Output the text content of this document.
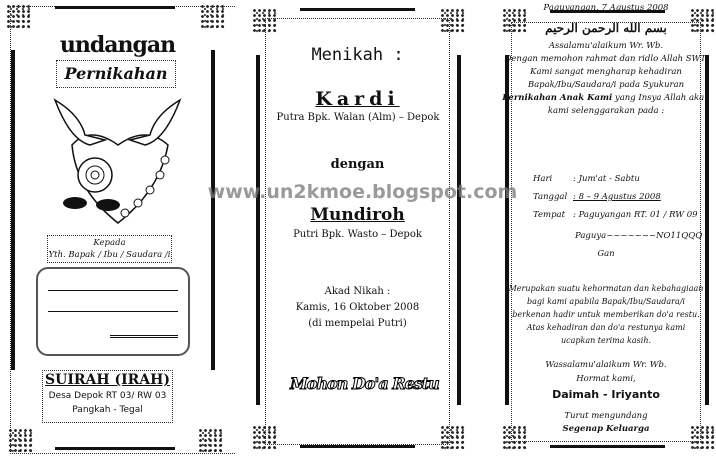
undangan
Pernikahan
Kepada
Yth. Bapak / Ibu / Saudara /i
SUIRAH (IRAH)
Desa Depok RT 03/ RW 03
Pangkah - Tegal
Menikah :
Kardi
Putra Bpk. Walan (Alm) – Depok
dengan
Mundiroh
Putri Bpk. Wasto – Depok
Akad Nikah :
Kamis, 16 Oktober 2008
(di mempelai Putri)
Mohon Do'a Restu
Paguyangan, 7 Agustus 2008
بسم الله الرحمن الرحيم
Assalamu'alaikum Wr. Wb.
Dengan memohon rahmat dan ridlo Allah SWT.
Kami sangat mengharap kehadiran
Bapak/Ibu/Saudara/i pada Syukuran
Pernikahan Anak Kami yang Insya Allah akan
kami selenggarakan pada :
Hari : Jum'at - Sabtu
Tanggal : 8 – 9 Agustus 2008
Tempat : Paguyangan RT. 01 / RW 09
Paguya~~~~~~~NO11QQQ
Gan
Merupakan suatu kehormatan dan kebahagiaan
bagi kami apabila Bapak/Ibu/Saudara/i
berkenan hadir untuk memberikan do'a restu.
Atas kehadiran dan do'a restunya kami
ucapkan terima kasih.
Wassalamu'alaikum Wr. Wb.
Hormat kami,
Daimah - Iriyanto
Turut mengundang
Segenap Keluarga
www.un2kmoe.blogspot.com
